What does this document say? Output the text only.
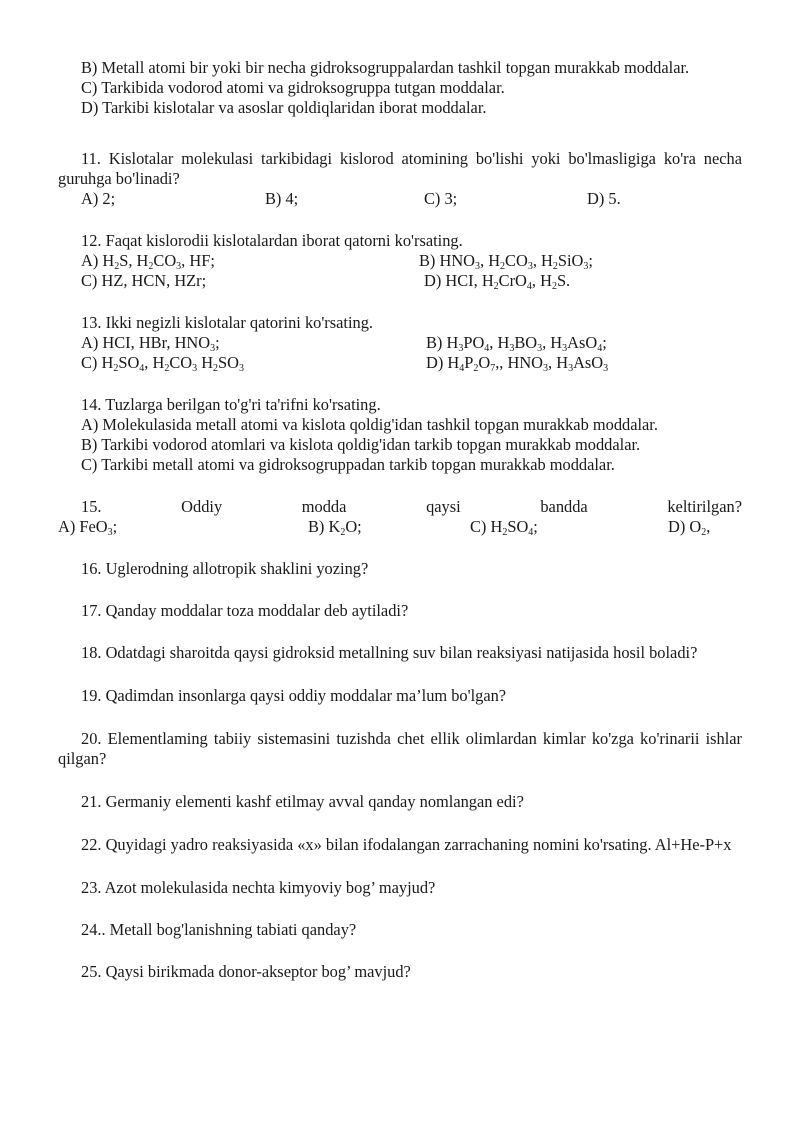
B) Metall atomi bir yoki bir necha gidroksogruppalardan tashkil topgan murakkab moddalar.

C) Tarkibida vodorod atomi va gidroksogruppa tutgan moddalar.

D) Tarkibi kislotalar va asoslar qoldiqlaridan iborat moddalar.

11. Kislotalar molekulasi tarkibidagi kislorod atomining bo'lishi yoki bo'lmasligiga ko'ra necha guruhga bo'linadi?

A) 2;	B) 4;	C) 3;	D) 5.

12. Faqat kislorodii kislotalardan iborat qatorni ko'rsating.

A) $H_2S$, $H_2CO_3$, HF;	B) $HNO_3$, $H_2CO_3$, $H_2SiO_3$;
C) HZ, HCN, HZr;	D) HCI, $H_2CrO_4$, $H_2S$.

13. Ikki negizli kislotalar qatorini ko'rsating.

A) HCI, HBr, $HNO_3$;	B) $H_3PO_4$, $H_3BO_3$, $H_3AsO_4$;
C) $H_2SO_4$, $H_2CO_3$ $H_2SO_3$	D) $H_4P_2O_7$,, $HNO_3$, $H_3AsO_3$

14. Tuzlarga berilgan to'g'ri ta'rifni ko'rsating.

A) Molekulasida metall atomi va kislota qoldig'idan tashkil topgan murakkab moddalar.

B) Tarkibi vodorod atomlari va kislota qoldig'idan tarkib topgan murakkab moddalar.

C) Tarkibi metall atomi va gidroksogruppadan tarkib topgan murakkab moddalar.

15.	Oddiy	modda	qaysi	bandda	keltirilgan?
A) FeO$_3$;	B) $K_2O$;	C) $H_2SO_4$;	D) $O_2$,

16. Uglerodning allotropik shaklini yozing?

17. Qanday moddalar toza moddalar deb aytiladi?

18. Odatdagi sharoitda qaysi gidroksid metallning suv bilan reaksiyasi natijasida hosil boladi?

19. Qadimdan insonlarga qaysi oddiy moddalar ma’lum bo'lgan?

20. Elementlaming tabiiy sistemasini tuzishda chet ellik olimlardan kimlar ko'zga ko'rinarii ishlar qilgan?

21. Germaniy elementi kashf etilmay avval qanday nomlangan edi?

22. Quyidagi yadro reaksiyasida «x» bilan ifodalangan zarrachaning nomini ko'rsating. Al+He-P+x

23. Azot molekulasida nechta kimyoviy bog’ mayjud?

24.. Metall bog'lanishning tabiati qanday?

25. Qaysi birikmada donor-akseptor bog’ mavjud?
